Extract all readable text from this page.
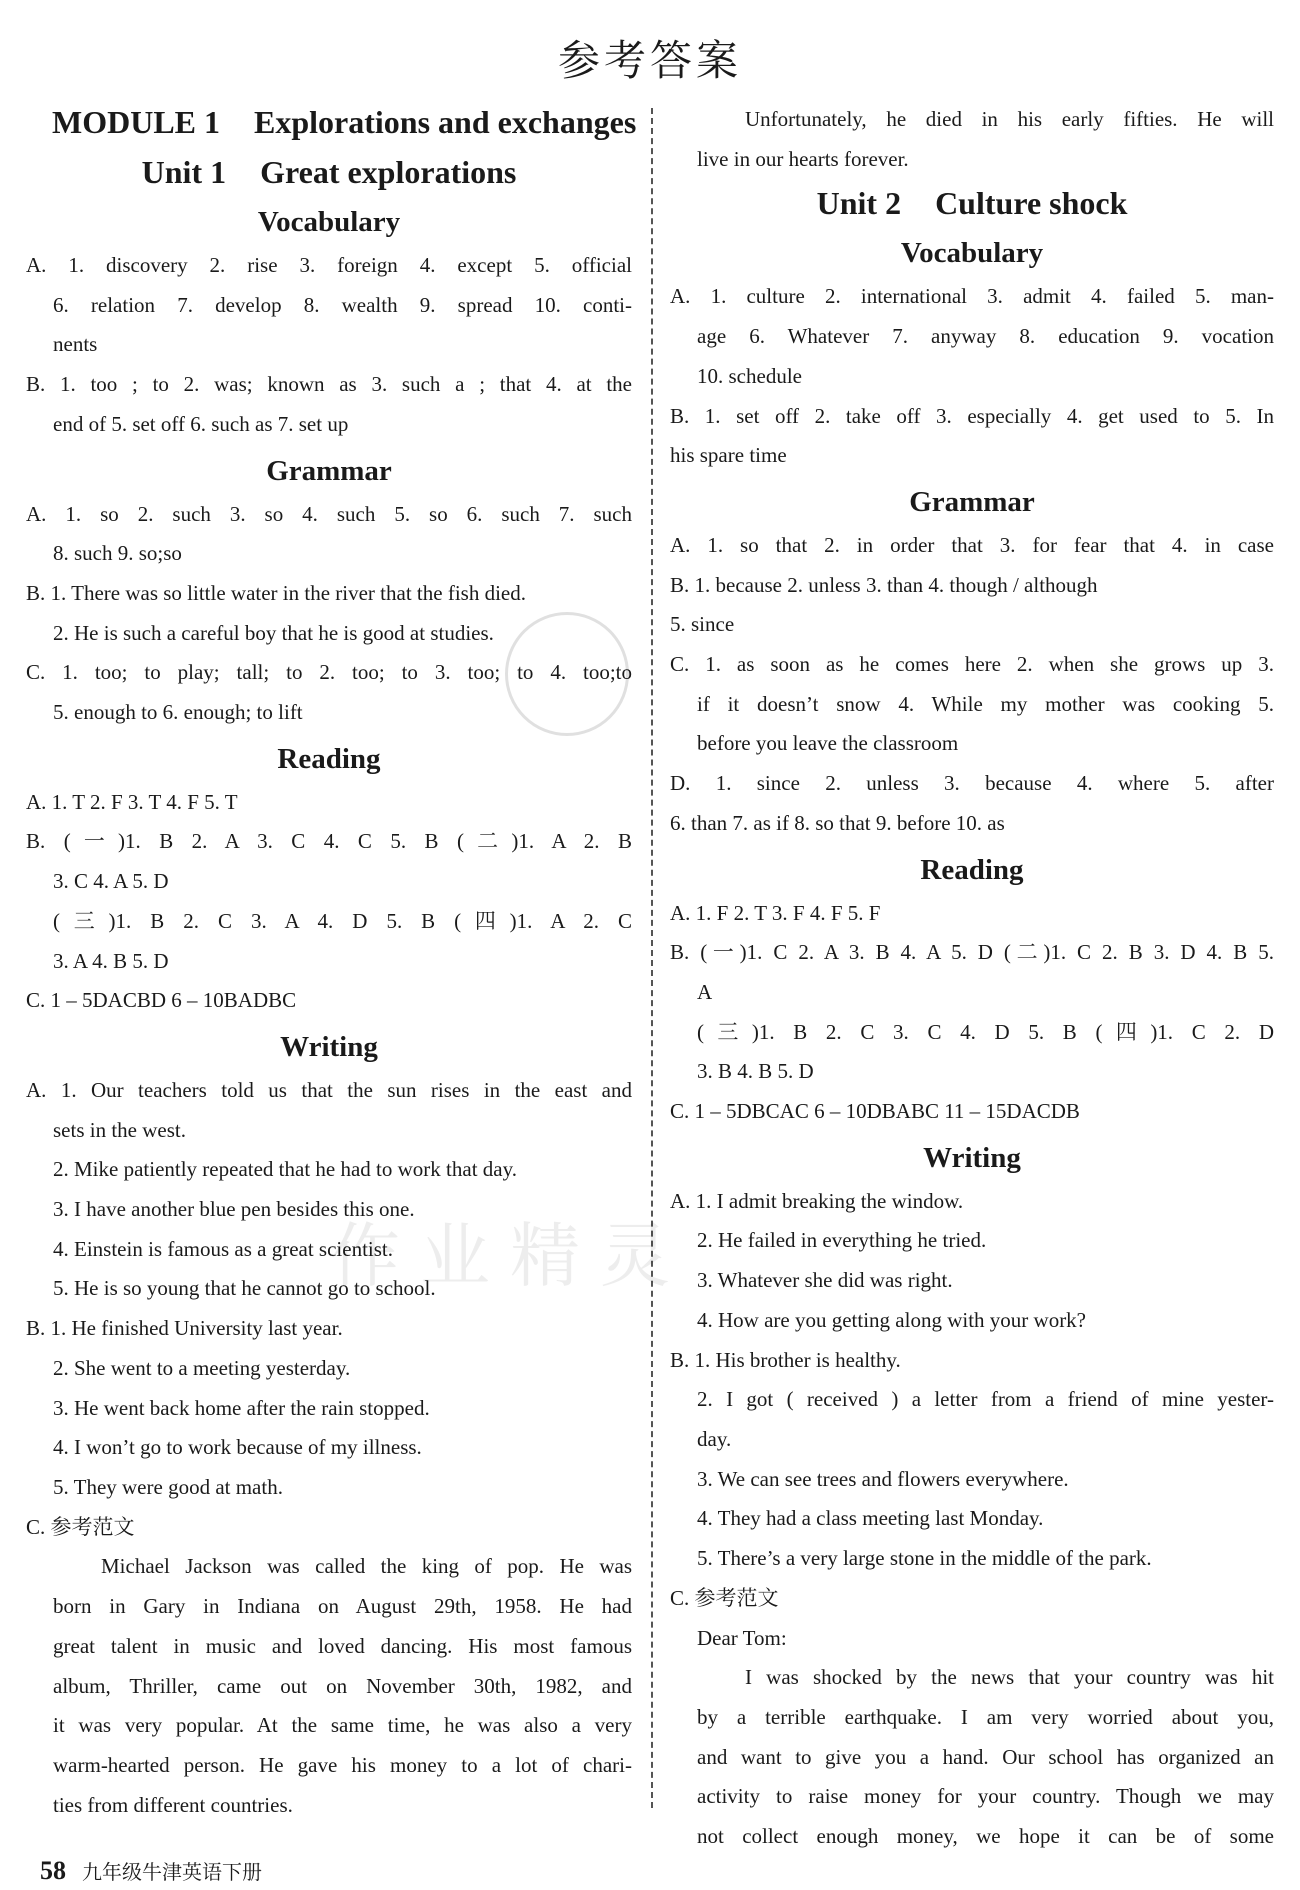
参考答案
MODULE 1 Explorations and exchanges
Unit 1 Great explorations
Vocabulary
A. 1. discovery 2. rise 3. foreign 4. except 5. official
6. relation 7. develop 8. wealth 9. spread 10. conti-
nents
B. 1. too ; to 2. was; known as 3. such a ; that 4. at the
end of 5. set off 6. such as 7. set up
Grammar
A. 1. so 2. such 3. so 4. such 5. so 6. such 7. such
8. such 9. so;so
B. 1. There was so little water in the river that the fish died.
2. He is such a careful boy that he is good at studies.
C. 1. too; to play; tall; to 2. too; to 3. too; to 4. too;to
5. enough to 6. enough; to lift
Reading
A. 1. T 2. F 3. T 4. F 5. T
B. (一)1. B 2. A 3. C 4. C 5. B (二)1. A 2. B
3. C 4. A 5. D
(三)1. B 2. C 3. A 4. D 5. B (四)1. A 2. C
3. A 4. B 5. D
C. 1 – 5DACBD 6 – 10BADBC
Writing
A. 1. Our teachers told us that the sun rises in the east and
sets in the west.
2. Mike patiently repeated that he had to work that day.
3. I have another blue pen besides this one.
4. Einstein is famous as a great scientist.
5. He is so young that he cannot go to school.
B. 1. He finished University last year.
2. She went to a meeting yesterday.
3. He went back home after the rain stopped.
4. I won’t go to work because of my illness.
5. They were good at math.
C. 参考范文
Michael Jackson was called the king of pop. He was
born in Gary in Indiana on August 29th, 1958. He had
great talent in music and loved dancing. His most famous
album, Thriller, came out on November 30th, 1982, and
it was very popular. At the same time, he was also a very
warm-hearted person. He gave his money to a lot of chari-
ties from different countries.
Unfortunately, he died in his early fifties. He will
live in our hearts forever.
Unit 2 Culture shock
Vocabulary
A. 1. culture 2. international 3. admit 4. failed 5. man-
age 6. Whatever 7. anyway 8. education 9. vocation
10. schedule
B. 1. set off 2. take off 3. especially 4. get used to 5. In
his spare time
Grammar
A. 1. so that 2. in order that 3. for fear that 4. in case
B. 1. because 2. unless 3. than 4. though / although
5. since
C. 1. as soon as he comes here 2. when she grows up 3.
if it doesn’t snow 4. While my mother was cooking 5.
before you leave the classroom
D. 1. since 2. unless 3. because 4. where 5. after
6. than 7. as if 8. so that 9. before 10. as
Reading
A. 1. F 2. T 3. F 4. F 5. F
B. (一)1. C 2. A 3. B 4. A 5. D (二)1. C 2. B 3. D 4. B 5.
A
(三)1. B 2. C 3. C 4. D 5. B (四)1. C 2. D
3. B 4. B 5. D
C. 1 – 5DBCAC 6 – 10DBABC 11 – 15DACDB
Writing
A. 1. I admit breaking the window.
2. He failed in everything he tried.
3. Whatever she did was right.
4. How are you getting along with your work?
B. 1. His brother is healthy.
2. I got ( received ) a letter from a friend of mine yester-
day.
3. We can see trees and flowers everywhere.
4. They had a class meeting last Monday.
5. There’s a very large stone in the middle of the park.
C. 参考范文
Dear Tom:
I was shocked by the news that your country was hit
by a terrible earthquake. I am very worried about you,
and want to give you a hand. Our school has organized an
activity to raise money for your country. Though we may
not collect enough money, we hope it can be of some
作业精灵
58 九年级牛津英语下册
